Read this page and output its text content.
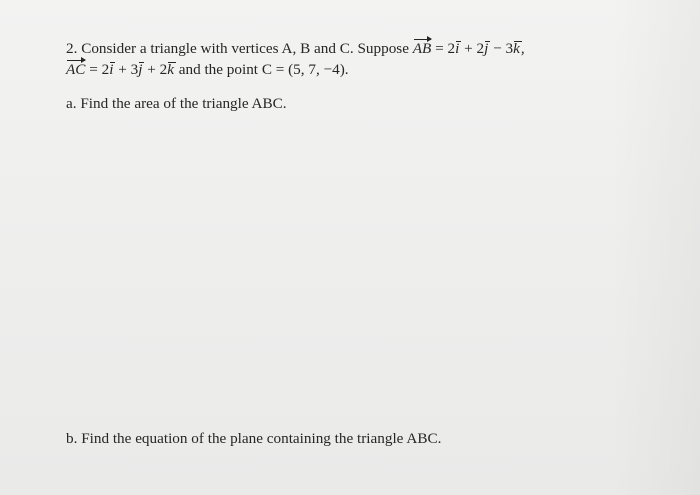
2. Consider a triangle with vertices A, B and C. Suppose AB = 2i + 2j − 3k,
AC = 2i + 3j + 2k and the point C = (5, 7, −4).
a. Find the area of the triangle ABC.
b. Find the equation of the plane containing the triangle ABC.
